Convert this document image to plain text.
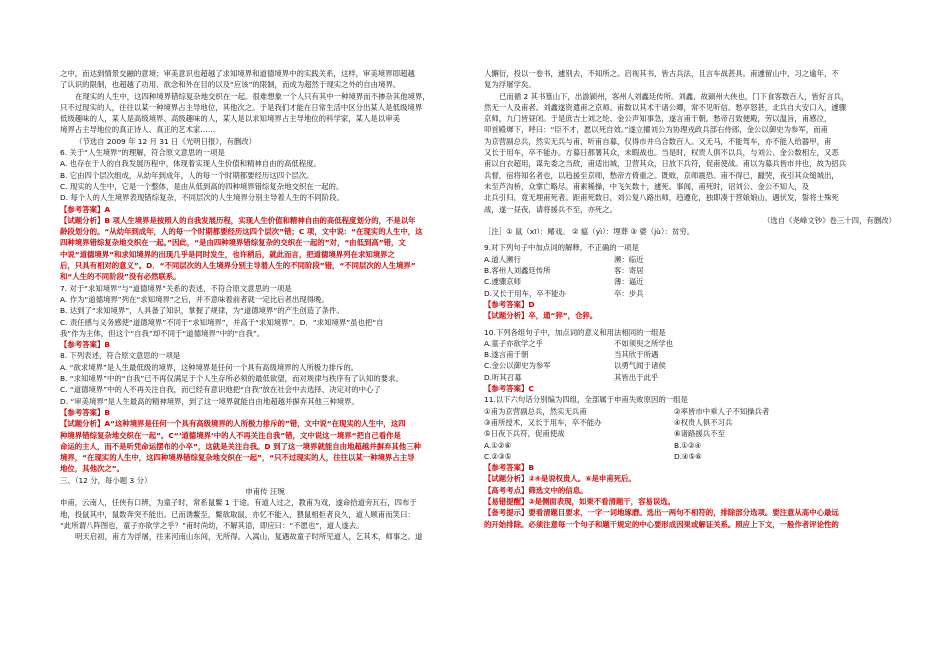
之中，而达到情景交融的意境；审美意识也超越了求知境界和道德境界中的实践关系，这样，审美境界即超越

了认识的限制，也超越了功用、欲念和外在目的以及“应该”的限制，而成为超然于现实之外的自由境界。

在现实的人生中，这四种境界错综复杂地交织在一起。很难想象一个人只有其中一种境界而不掺杂其他境界，

只不过现实的人，往往以某一种境界占主导地位，其他次之。于是我们才能在日常生活中区分出某人是低级境界

低级趣味的人，某人是高级境界、高级趣味的人，某人是以求知境界占主导地位的科学家，某人是以审美

境界占主导地位的真正诗人、真正的艺术家……

（节选自 2009 年 12 月 31 日《光明日报》，有删改）

6. 关于“人生境界”的理解，符合原文意思的一项是

A. 也存在于人的自我发展历程中，体现着实现人生价值和精神自由的高低程度。

B. 它由四个层次组成，从幼年到成年，人的每一个时期都要经历这四个层次。

C. 现实的人生中，它是一个整体，是由从低到高的四种境界错综复杂地交织在一起的。

D. 每个人的人生境界表现错综复杂，不同层次的人生境界分别主导着人生的不同阶段。

【参考答案】A

【试题分析】B 项人生境界是按照人的自我发展历程，实现人生价值和精神自由的高低程度划分的，不是以年

龄段划分的。“从幼年到成年，人的每一个时期都要经历这四个层次”错；C 项，文中说：“在现实的人生中，这

四种境界错综复杂地交织在一起。”因此，“是由四种境界错综复杂的交织在一起的”对，“由低到高”错，文

中说“道德境界”和求知境界的出现几乎是同时发生，也许稍后，就此而言，把道德境界列在求知境界之

后，只具有相对的意义”。D．“不同层次的人生境界分别主导着人生的不同阶段”错，“不同层次的人生境界”

和“人生的不同阶段”没有必然联系。

7. 对于“求知境界”与“道德境界”关系的表述，不符合原文意思的一项是

A. 作为“道德境界”列在“求知境界”之后，并不意味着前者就一定比后者出现得晚。

B. 达到了“求知境界”，人具备了知识，掌握了规律，为“道德境界”的产生创造了条件。

C. 责任感与义务感使“道德境界”不同于“求知境界”，并高于“求知境界”。D．“求知境界”虽也把“自

我”作为主体，但这个“自我”却不同于“道德境界”中的“自我”。

【参考答案】B

8. 下列表述，符合原文意思的一项是

A. “欲求境界”是人生最低级的境界，这种境界是任何一个具有高级境界的人所极力排斥的。

B. “求知境界”中的“自我”已不再仅满足于个人生存所必须的最低欲望，而对规律与秩序有了认知的要求。

C. “道德境界”中的人不再关注自我，而已经有意识地把“自我”放在社会中去选择、决定对的中心了

D. “审美境界”是人生最高的精神境界，到了这一境界就能自由地超越并摒弃其他三种境界。

【参考答案】B

【试题分析】A“这种境界是任何一个具有高级境界的人所极力排斥的”错，文中说“在现实的人生中，这四

种境界错综复杂地交织在一起”。C“‘道德境界’中的人不再关注自我”错，文中说这一境界“把自己看作是

命运的主人，而不是听凭命运摆布的小卒”，这就是关注自我。D 到了这一境界就能自由地超越并摒弃其他三种

境界，“在现实的人生中，这四种境界错综复杂地交织在一起”，“只不过现实的人，往往以某一种境界占主导

地位，其他次之”。

三、（12 分，每小题 3 分）

申甫传 汪琬

申甫，云南人，任侠有口辨，为童子时，常系鼠鳖 1 于途。有道人过之，教甫为戏，遂命拾道旁瓦石，四布于

地，投鼠其中，鼠数奔突不能出。已而诱鳖至，鳖欲取鼠，亦忆不能入，猥鼠相拒者良久，道人顾甫而笑曰：

“此所谓八阵图也，童子亦欲学之乎？”甫时尚幼，不解其语，即应曰：“不愿也”，道人遂去。

明天启初，甫方为浮屠，往来河南山东间，无所得。入嵩山，复遇故童子时所见道人，乞其术，师事之。道

人懈衍，投以一卷书，遽别去，不知所之。启视其书，皆古兵法，且言车战甚具。甫遽留山中，习之逾年，不

复为浮屠学矣。

已而循 2 其书篁山下，出游颍州，客州人刘鑫廷传所。刘鑫，故颍州大侠也，门下食客数百人，皆好言兵，

然无一人及甫者。刘鑫遂资遣甫之京师。甫数以其术干诸公卿，常不见听信。愁亭怒甚，北兵自大安口入，遽骤

京师，九门皆昼闭。于是庶吉士刘之纶、金公声知事急，遂言甫于朝。愁帝召致便殿，劳以温旨，甫感泣，

叩首殿墀下，呼曰：“臣不才，愿以死自效。”遂立擢刘公为协理戎政兵部右侍郎，金公以御史为参军，而甫

为京营副总兵，然实无兵与甫，听甫自募，仅得市井乌合数百人。又无马，不能驾车，亦不能人给器甲，甫

又长于用车，卒不能办。方募日都署其众，未暇战也。当是时，权贵人俱不以兵，与刘公、金公数相左，又恶

甫以白衣超用，谋先委之当敌，甫适出城，卫营其众，日放下兵符，促甫使战。甫以为募兵皆市井也，故为招兵

兵督，宿将知名者也，以趋援至京师，愁帝方倚重之。既败，京师震恐。甫不得已，躐哭，夜引其众缒城出，

未至芦沟桥，众掌亡略尽。甫素稀操，中飞矢数十，遽死。事闻，甫死时，诏刘公、金公不知人，及

北兵引归，竟无埋甫死者。距甫死数日，刘公复八路出师，趋遵化，独即凑于营娘娘山，遇伏发，誓将士殊死

战，遂一昼夜，请将援兵不至，亦死之。

（选自《尧峰文钞》卷三十四，有删改）

［注］① 鼠（xī）：鳍戏。 ② 瘟（yì）：埋葬 ③ 婆（jù）：贫穷。

9.对下列句子中加点词的解释，不正确的一项是

A.道人濒行	濒：临近
B.客州人刘鑫廷传所	客：寄居
C.遽骤京师	薄：逼近
D.又长于用车，卒不能办	卒：步兵

【参考答案】D

【试题分析】卒，通“猝”，仓猝。

10.下列各组句子中，加点词的意义和用法相同的一组是

A.童子亦欲学之乎	不如须臾之所学也
B.遂言甫于朝	当其欣于所遇
C.金公以御史为参军	以勇气闻于诸侯
D.听其召募	其皆出于此乎

【参考答案】C

11.以下六句话分别编为四组，全部属于申甫失败原因的一组是

①甫为京营副总兵，然实无兵甫	②率皆市中乘人子不知操兵者
③甫所授术，又长于用车，卒不能办	④权贵人俱不习兵
⑤日夜下兵符，促甫使战	⑥诸路援兵不至
A.①②⑥	B.①②④
C.②③⑤	D.④⑤⑥

【参考答案】B

【试题分析】②④是说权贵人。⑥是申甫死后。

【高考考点】筛选文中的信息。

【易错提醒】②是侧面表现，如果不看清题干，容易误选。

【备考提示】要看清题目要求，一字一词地琢磨。选出一两句不相符的，排除部分选项。要注意从高中心最远

的开始排除。必须注意每一个句子和题干规定的中心要形成因果或解证关系。照应上下文，一般作者评论性的
